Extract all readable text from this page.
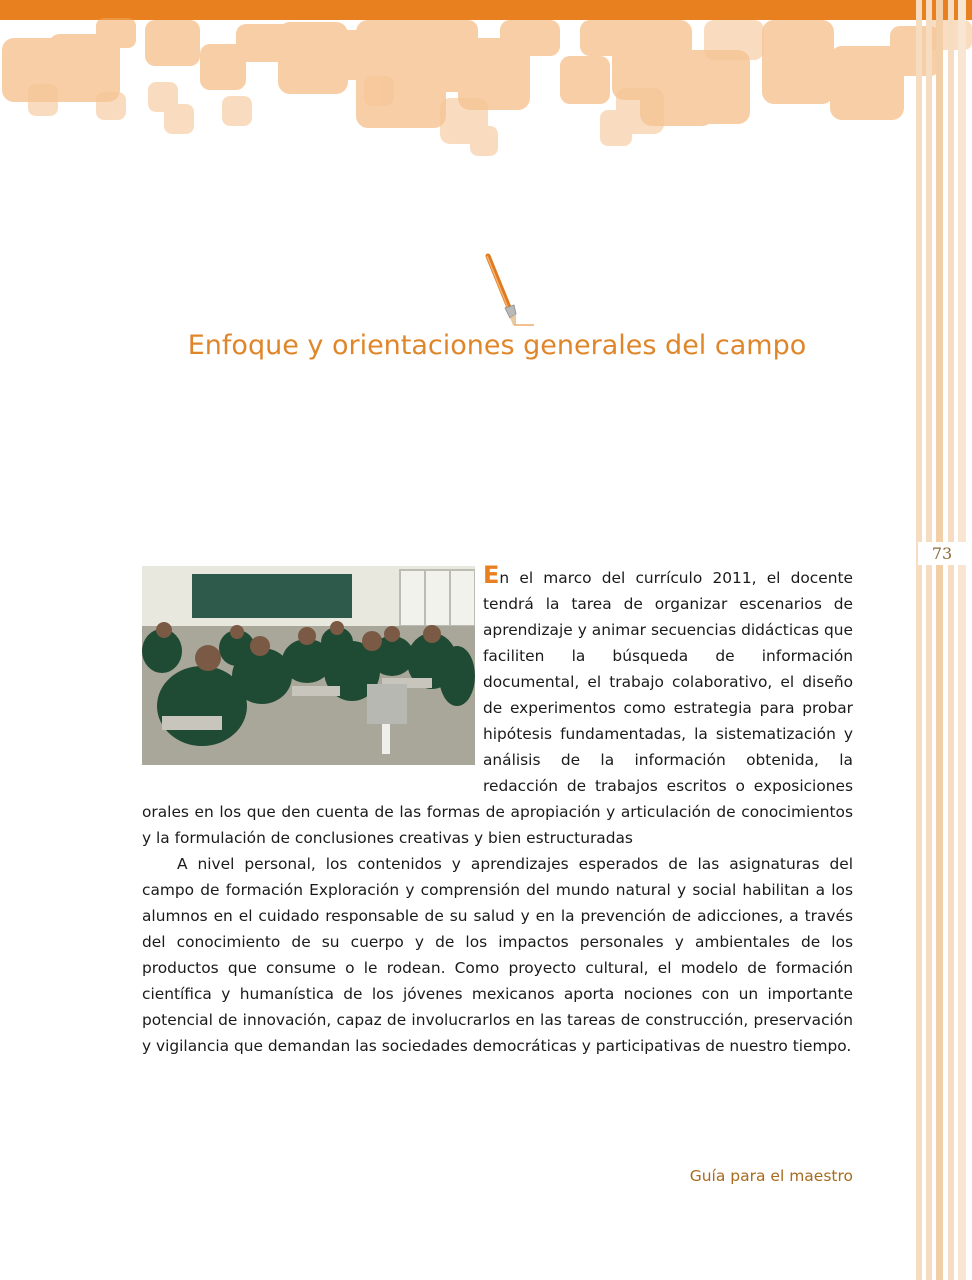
73
Enfoque y orientaciones generales del campo

En el marco del currículo 2011, el docente tendrá la tarea de organizar escenarios de aprendizaje y animar secuencias didácticas que faciliten la búsqueda de información documental, el trabajo colaborativo, el diseño de experimentos como estrategia para probar hipótesis fundamentadas, la sistematización y análisis de la información obtenida, la redacción de trabajos escritos o exposiciones orales en los que den cuenta de las formas de apropiación y articulación de conocimientos y la formulación de conclusiones creativas y bien estructuradas

A nivel personal, los contenidos y aprendizajes esperados de las asignaturas del campo de formación Exploración y comprensión del mundo natural y social habilitan a los alumnos en el cuidado responsable de su salud y en la prevención de adicciones, a través del conocimiento de su cuerpo y de los impactos personales y ambientales de los productos que consume o le rodean. Como proyecto cultural, el modelo de formación científica y humanística de los jóvenes mexicanos aporta nociones con un importante potencial de innovación, capaz de involucrarlos en las tareas de construcción, preservación y vigilancia que demandan las sociedades democráticas y participativas de nuestro tiempo.

Guía para el maestro
